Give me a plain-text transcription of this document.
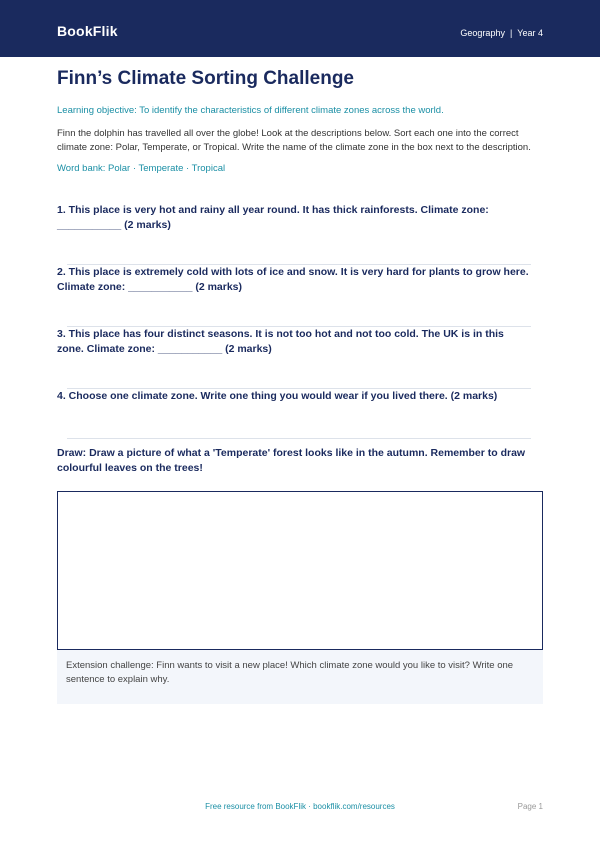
BookFlik	Geography | Year 4
Finn’s Climate Sorting Challenge

Learning objective: To identify the characteristics of different climate zones across the world.

Finn the dolphin has travelled all over the globe! Look at the descriptions below. Sort each one into the correct climate zone: Polar, Temperate, or Tropical. Write the name of the climate zone in the box next to the description.

Word bank: Polar · Temperate · Tropical

1. This place is very hot and rainy all year round. It has thick rainforests. Climate zone: ___________ (2 marks)
2. This place is extremely cold with lots of ice and snow. It is very hard for plants to grow here. Climate zone: ___________ (2 marks)
3. This place has four distinct seasons. It is not too hot and not too cold. The UK is in this zone. Climate zone: ___________ (2 marks)
4. Choose one climate zone. Write one thing you would wear if you lived there. (2 marks)
Draw: Draw a picture of what a 'Temperate' forest looks like in the autumn. Remember to draw colourful leaves on the trees!
Extension challenge: Finn wants to visit a new place! Which climate zone would you like to visit? Write one sentence to explain why.
Free resource from BookFlik · bookflik.com/resources	Page 1
